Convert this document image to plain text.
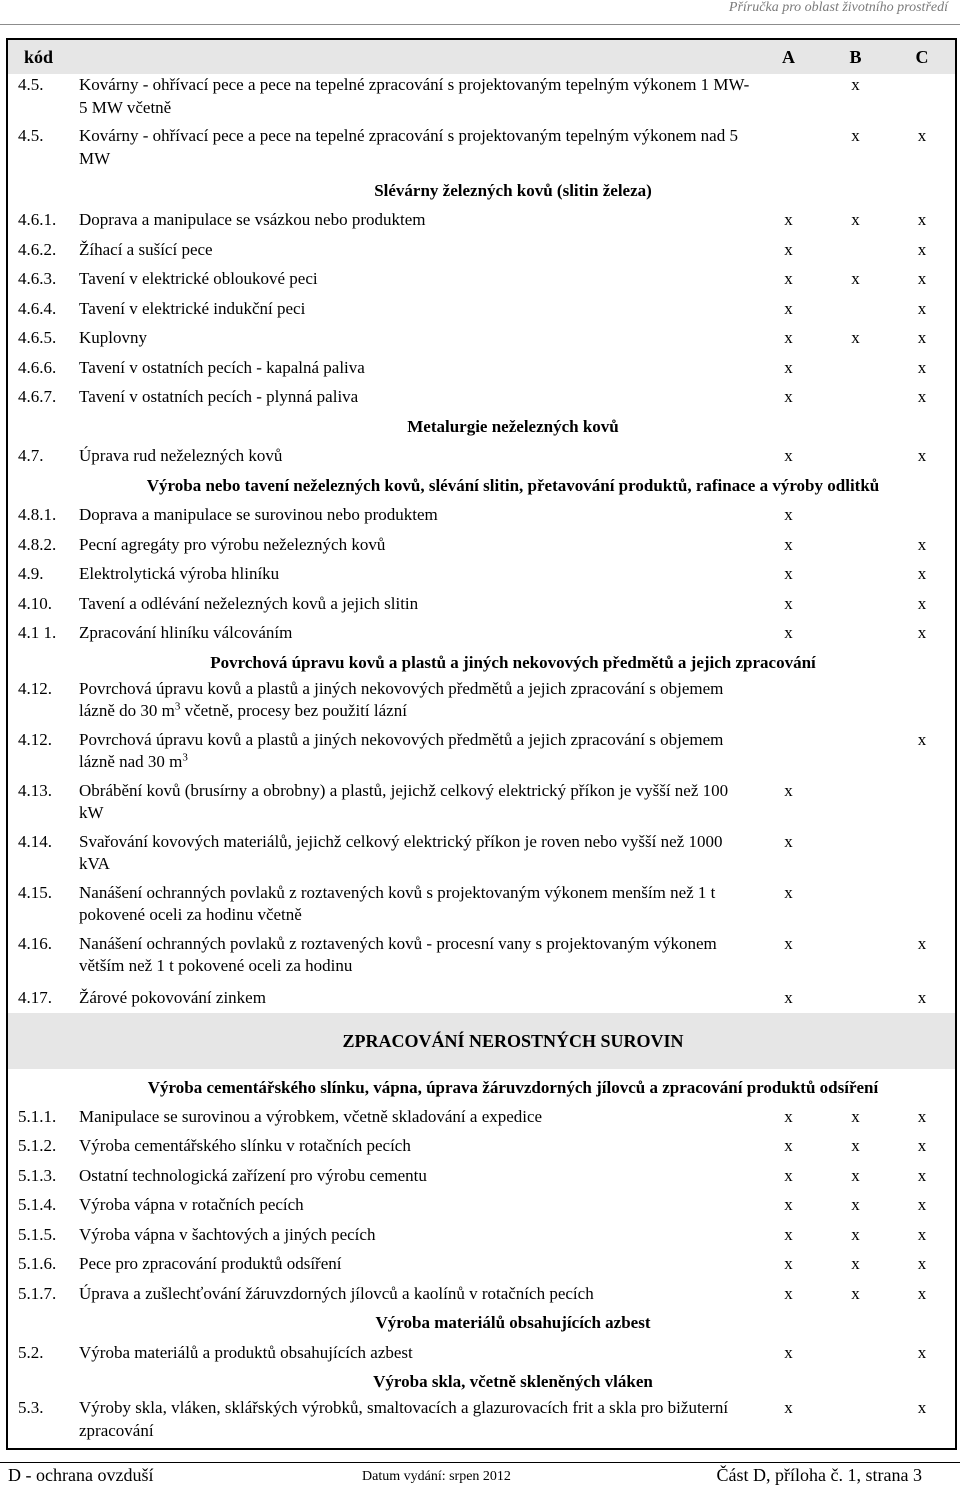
Příručka pro oblast životního prostředí
kód		A	B	C
4.5.	Kovárny - ohřívací pece a pece na tepelné zpracování s projektovaným tepelným výkonem 1 MW- 5 MW včetně		x	
4.5.	Kovárny - ohřívací pece a pece na tepelné zpracování s projektovaným tepelným výkonem nad 5 MW		x	x
	Slévárny železných kovů (slitin železa)			
4.6.1.	Doprava a manipulace se vsázkou nebo produktem	x	x	x
4.6.2.	Žíhací a sušící pece	x		x
4.6.3.	Tavení v elektrické obloukové peci	x	x	x
4.6.4.	Tavení v elektrické indukční peci	x		x
4.6.5.	Kuplovny	x	x	x
4.6.6.	Tavení v ostatních pecích - kapalná paliva	x		x
4.6.7.	Tavení v ostatních pecích - plynná paliva	x		x
	Metalurgie neželezných kovů			
4.7.	Úprava rud neželezných kovů	x		x
	Výroba nebo tavení neželezných kovů, slévání slitin, přetavování produktů, rafinace a výroby odlitků			
4.8.1.	Doprava a manipulace se surovinou nebo produktem	x		
4.8.2.	Pecní agregáty pro výrobu neželezných kovů	x		x
4.9.	Elektrolytická výroba hliníku	x		x
4.10.	Tavení a odlévání neželezných kovů a jejich slitin	x		x
4.1 1.	Zpracování hliníku válcováním	x		x
	Povrchová úpravu kovů a plastů a jiných nekovových předmětů a jejich zpracování			
4.12.	Povrchová úpravu kovů a plastů a jiných nekovových předmětů a jejich zpracování s objemem lázně do 30 $m^3$ včetně, procesy bez použití lázní			
4.12.	Povrchová úpravu kovů a plastů a jiných nekovových předmětů a jejich zpracování s objemem lázně nad 30 $m^3$			x
4.13.	Obrábění kovů (brusírny a obrobny) a plastů, jejichž celkový elektrický příkon je vyšší než 100 kW	x		
4.14.	Svařování kovových materiálů, jejichž celkový elektrický příkon je roven nebo vyšší než 1000 kVA	x		
4.15.	Nanášení ochranných povlaků z roztavených kovů s projektovaným výkonem menším než 1 t pokovené oceli za hodinu včetně	x		
4.16.	Nanášení ochranných povlaků z roztavených kovů - procesní vany s projektovaným výkonem větším než 1 t pokovené oceli za hodinu	x		x
4.17.	Žárové pokovování zinkem	x		x
	ZPRACOVÁNÍ NEROSTNÝCH SUROVIN			
	Výroba cementářského slínku, vápna, úprava žáruvzdorných jílovců a zpracování produktů odsíření			
5.1.1.	Manipulace se surovinou a výrobkem, včetně skladování a expedice	x	x	x
5.1.2.	Výroba cementářského slínku v rotačních pecích	x	x	x
5.1.3.	Ostatní technologická zařízení pro výrobu cementu	x	x	x
5.1.4.	Výroba vápna v rotačních pecích	x	x	x
5.1.5.	Výroba vápna v šachtových a jiných pecích	x	x	x
5.1.6.	Pece pro zpracování produktů odsíření	x	x	x
5.1.7.	Úprava a zušlechťování žáruvzdorných jílovců a kaolínů v rotačních pecích	x	x	x
	Výroba materiálů obsahujících azbest			
5.2.	Výroba materiálů a produktů obsahujících azbest	x		x
	Výroba skla, včetně skleněných vláken			
5.3.	Výroby skla, vláken, sklářských výrobků, smaltovacích a glazurovacích frit a skla pro bižuterní zpracování	x		x
D - ochrana ovzduší	Datum vydání: srpen 2012	Část D, příloha č. 1, strana 3
